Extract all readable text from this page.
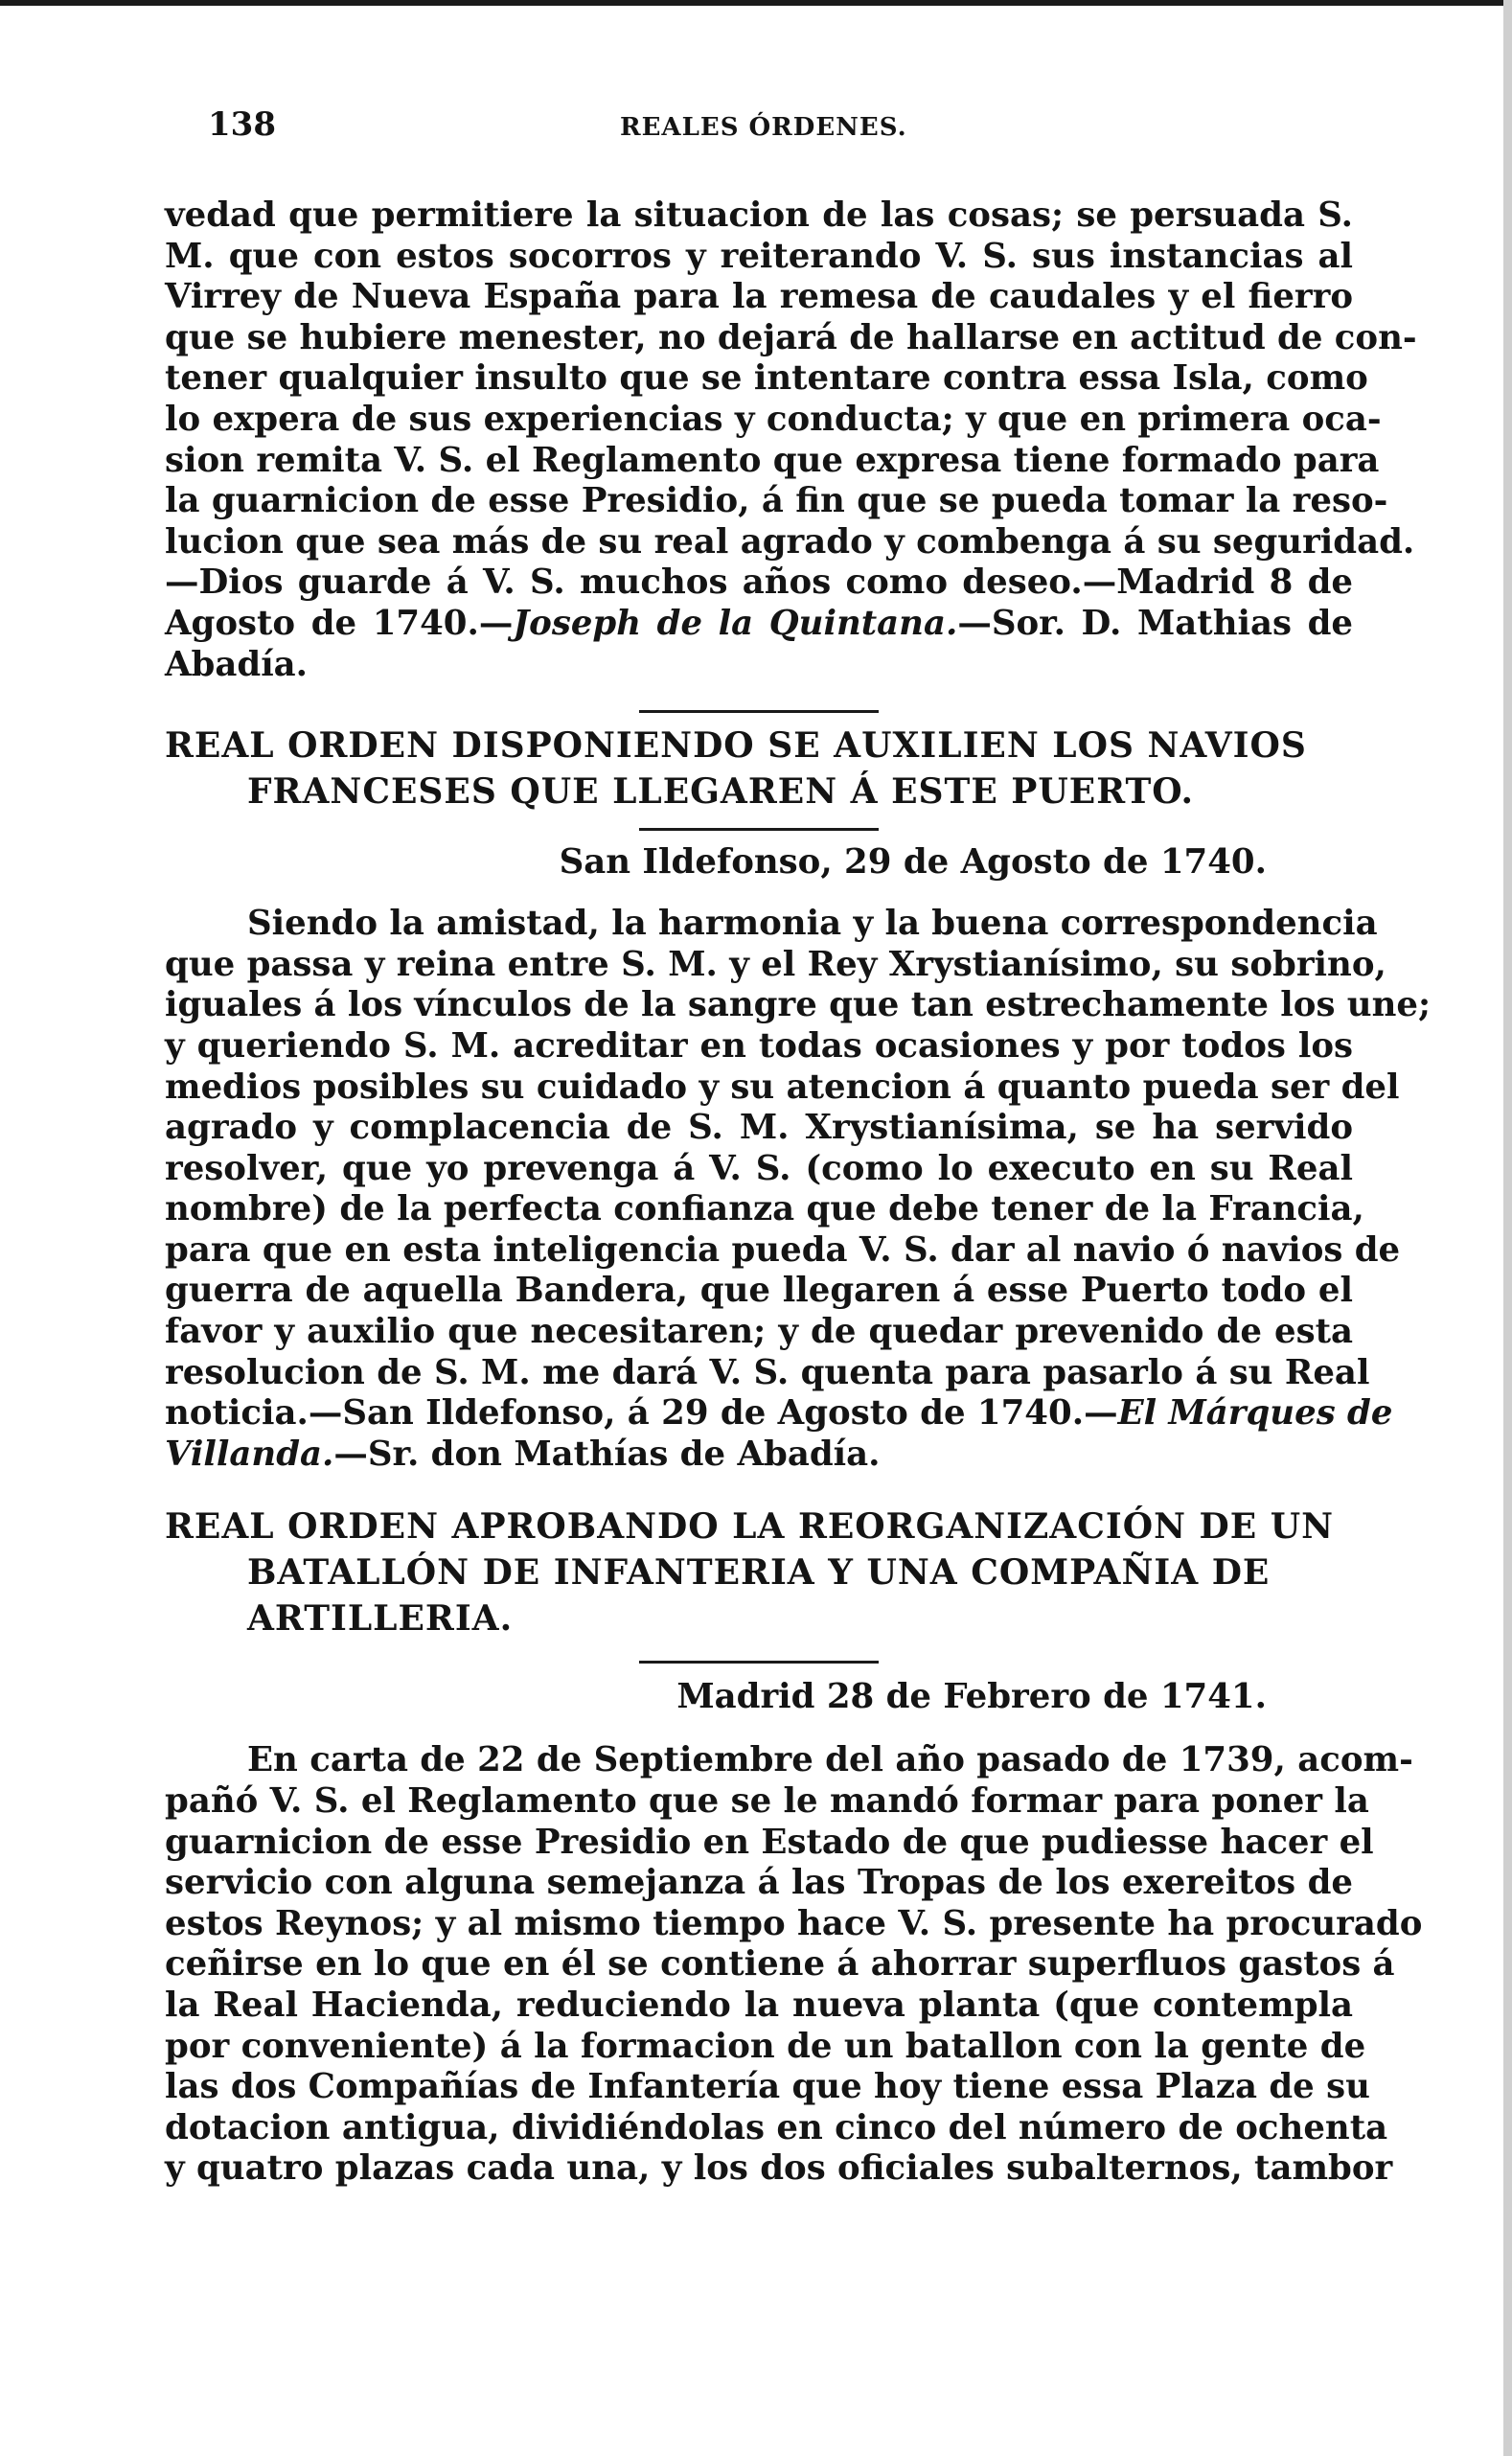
138	REALES ÓRDENES.
vedad que permitiere la situacion de las cosas; se persuada S.
M. que con estos socorros y reiterando V. S. sus instancias al
Virrey de Nueva España para la remesa de caudales y el fierro
que se hubiere menester, no dejará de hallarse en actitud de con-
tener qualquier insulto que se intentare contra essa Isla, como
lo expera de sus experiencias y conducta; y que en primera oca-
sion remita V. S. el Reglamento que expresa tiene formado para
la guarnicion de esse Presidio, á fin que se pueda tomar la reso-
lucion que sea más de su real agrado y combenga á su seguridad.
—Dios guarde á V. S. muchos años como deseo.—Madrid 8 de
Agosto de 1740.—Joseph de la Quintana.—Sor. D. Mathias de
Abadía.
REAL ORDEN DISPONIENDO SE AUXILIEN LOS NAVIOS
FRANCESES QUE LLEGAREN Á ESTE PUERTO.
San Ildefonso, 29 de Agosto de 1740.
Siendo la amistad, la harmonia y la buena correspondencia
que passa y reina entre S. M. y el Rey Xrystianísimo, su sobrino,
iguales á los vínculos de la sangre que tan estrechamente los une;
y queriendo S. M. acreditar en todas ocasiones y por todos los
medios posibles su cuidado y su atencion á quanto pueda ser del
agrado y complacencia de S. M. Xrystianísima, se ha servido
resolver, que yo prevenga á V. S. (como lo executo en su Real
nombre) de la perfecta confianza que debe tener de la Francia,
para que en esta inteligencia pueda V. S. dar al navio ó navios de
guerra de aquella Bandera, que llegaren á esse Puerto todo el
favor y auxilio que necesitaren; y de quedar prevenido de esta
resolucion de S. M. me dará V. S. quenta para pasarlo á su Real
noticia.—San Ildefonso, á 29 de Agosto de 1740.—El Márques de
Villanda.—Sr. don Mathías de Abadía.
REAL ORDEN APROBANDO LA REORGANIZACIÓN DE UN
BATALLÓN DE INFANTERIA Y UNA COMPAÑIA DE
ARTILLERIA.
Madrid 28 de Febrero de 1741.
En carta de 22 de Septiembre del año pasado de 1739, acom-
pañó V. S. el Reglamento que se le mandó formar para poner la
guarnicion de esse Presidio en Estado de que pudiesse hacer el
servicio con alguna semejanza á las Tropas de los exereitos de
estos Reynos; y al mismo tiempo hace V. S. presente ha procurado
ceñirse en lo que en él se contiene á ahorrar superfluos gastos á
la Real Hacienda, reduciendo la nueva planta (que contempla
por conveniente) á la formacion de un batallon con la gente de
las dos Compañías de Infantería que hoy tiene essa Plaza de su
dotacion antigua, dividiéndolas en cinco del número de ochenta
y quatro plazas cada una, y los dos oficiales subalternos, tambor
